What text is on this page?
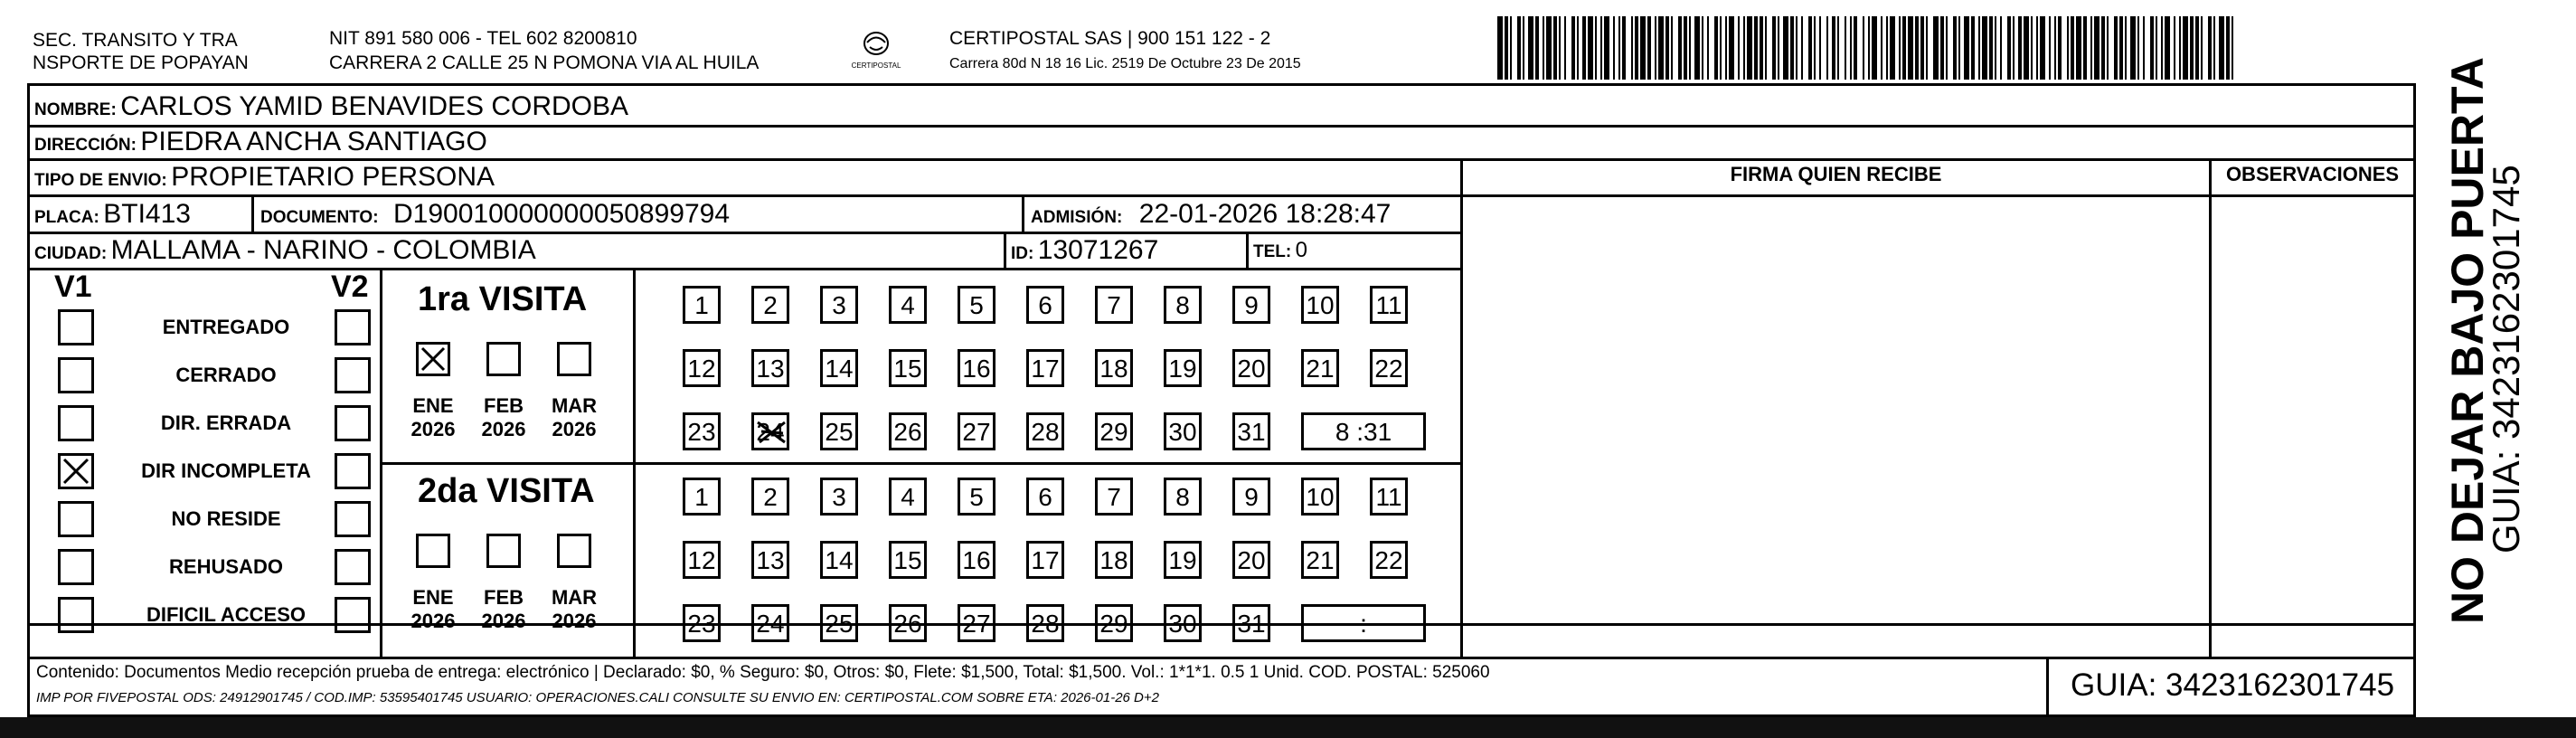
SEC. TRANSITO Y TRA
NSPORTE DE POPAYAN
NIT 891 580 006 - TEL 602 8200810
CARRERA 2 CALLE 25 N POMONA VIA AL HUILA	CERTIPOSTAL
CERTIPOSTAL SAS | 900 151 122 - 2
Carrera 80d N 18 16 Lic. 2519 De Octubre 23 De 2015
NOMBRE: CARLOS YAMID BENAVIDES CORDOBA
DIRECCIÓN: PIEDRA ANCHA SANTIAGO
TIPO DE ENVIO: PROPIETARIO PERSONA	FIRMA QUIEN RECIBE	OBSERVACIONES
PLACA: BTI413	DOCUMENTO: D190010000000050899794	ADMISIÓN: 22-01-2026 18:28:47
CIUDAD: MALLAMA - NARINO - COLOMBIA	ID: 13071267	TEL: 0
V1	V2
ENTREGADO
CERRADO
DIR. ERRADA
DIR INCOMPLETA
NO RESIDE
REHUSADO
DIFICIL ACCESO
1ra VISITA
2da VISITA
ENE
2026
FEB
2026
MAR
2026
1	2	3	4	5	6	7	8	9	10 11
12 13 14 15 16 17 18 19 20 21 22
23 24 25 26 27 28 29 30 31	8 :31
ENE
2026
FEB
2026
MAR
2026
1	2	3	4	5	6	7	8	9	10 11
12 13 14 15 16 17 18 19 20 21 22
23 24 25 26 27 28 29 30 31	:
Contenido: Documentos Medio recepción prueba de entrega: electrónico | Declarado: $0, % Seguro: $0, Otros: $0, Flete: $1,500, Total: $1,500. Vol.: 1*1*1. 0.5 1 Unid. COD. POSTAL: 525060
IMP POR FIVEPOSTAL ODS: 24912901745 / COD.IMP: 53595401745 USUARIO: OPERACIONES.CALI CONSULTE SU ENVIO EN: CERTIPOSTAL.COM SOBRE ETA: 2026-01-26 D+2	GUIA: 3423162301745
NO DEJAR BAJO PUERTA
GUIA: 3423162301745
